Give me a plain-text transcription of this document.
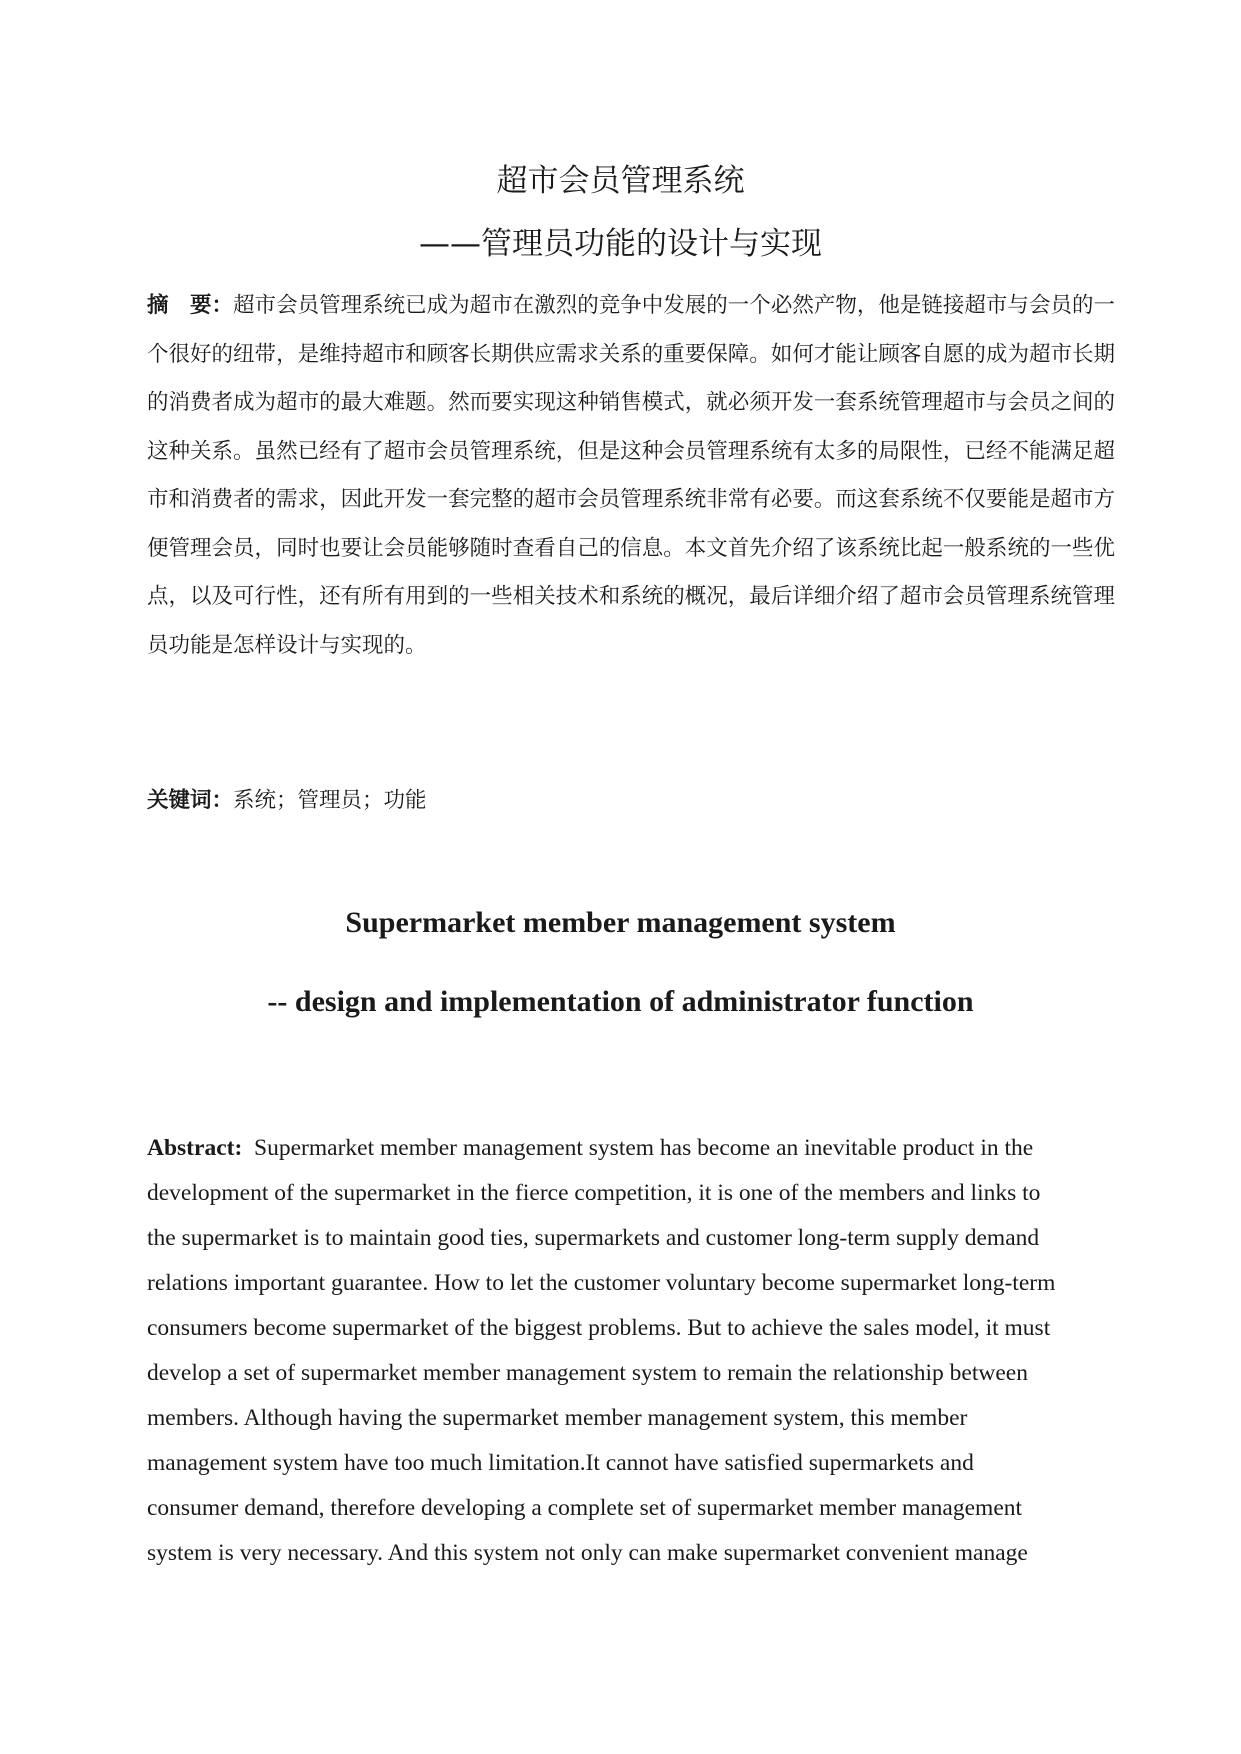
超市会员管理系统
——管理员功能的设计与实现
摘　要：超市会员管理系统已成为超市在激烈的竞争中发展的一个必然产物，他是链接超市与会员的一个很好的纽带，是维持超市和顾客长期供应需求关系的重要保障。如何才能让顾客自愿的成为超市长期的消费者成为超市的最大难题。然而要实现这种销售模式，就必须开发一套系统管理超市与会员之间的这种关系。虽然已经有了超市会员管理系统，但是这种会员管理系统有太多的局限性，已经不能满足超市和消费者的需求，因此开发一套完整的超市会员管理系统非常有必要。而这套系统不仅要能是超市方便管理会员，同时也要让会员能够随时查看自己的信息。本文首先介绍了该系统比起一般系统的一些优点，以及可行性，还有所有用到的一些相关技术和系统的概况，最后详细介绍了超市会员管理系统管理员功能是怎样设计与实现的。
关键词：系统；管理员；功能
Supermarket member management system
-- design and implementation of administrator function
Abstract:  Supermarket member management system has become an inevitable product in the
development of the supermarket in the fierce competition, it is one of the members and links to
the supermarket is to maintain good ties, supermarkets and customer long-term supply demand
relations important guarantee. How to let the customer voluntary become supermarket long-term
consumers become supermarket of the biggest problems. But to achieve the sales model, it must
develop a set of supermarket member management system to remain the relationship between
members. Although having the supermarket member management system, this member
management system have too much limitation.It cannot have satisfied supermarkets and
consumer demand, therefore developing a complete set of supermarket member management
system is very necessary. And this system not only can make supermarket convenient manage
